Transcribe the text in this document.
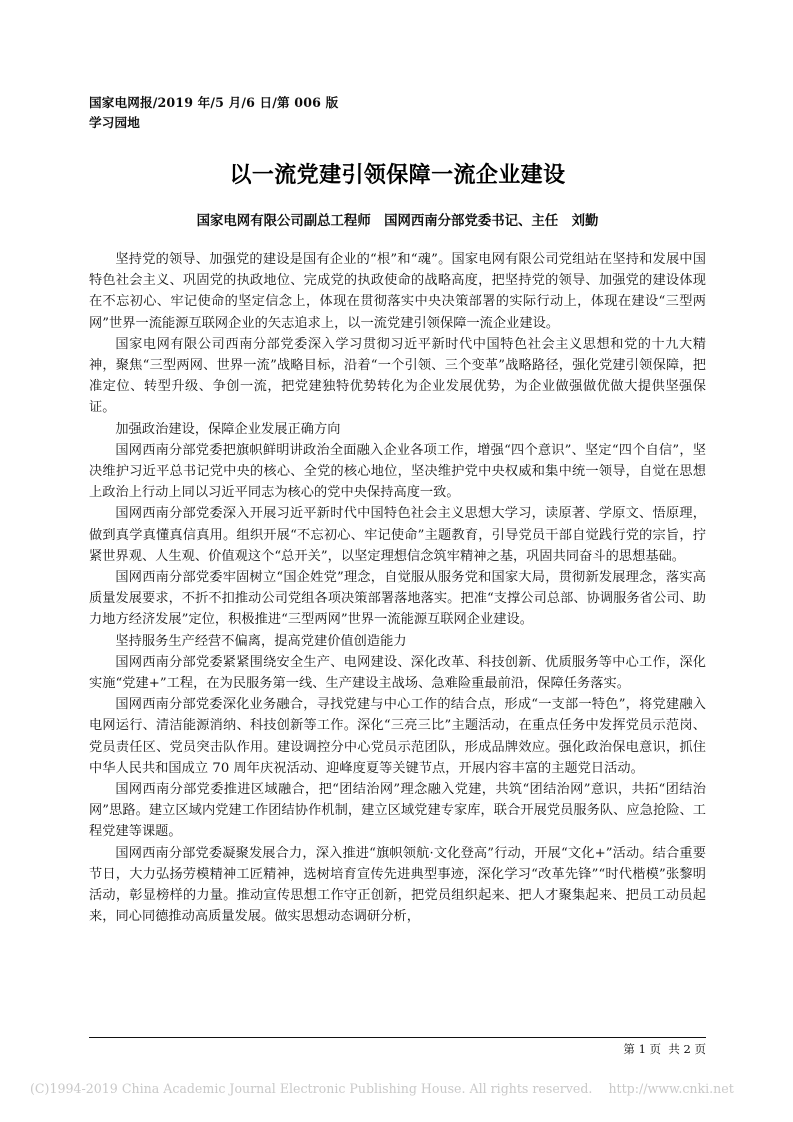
国家电网报/2019 年/5 月/6 日/第 006 版
学习园地
以一流党建引领保障一流企业建设
国家电网有限公司副总工程师　国网西南分部党委书记、主任　刘勤

坚持党的领导、加强党的建设是国有企业的“根”和“魂”。国家电网有限公司党组站在坚持和发展中国特色社会主义、巩固党的执政地位、完成党的执政使命的战略高度，把坚持党的领导、加强党的建设体现在不忘初心、牢记使命的坚定信念上，体现在贯彻落实中央决策部署的实际行动上，体现在建设“三型两网”世界一流能源互联网企业的矢志追求上，以一流党建引领保障一流企业建设。

国家电网有限公司西南分部党委深入学习贯彻习近平新时代中国特色社会主义思想和党的十九大精神，聚焦“三型两网、世界一流”战略目标，沿着“一个引领、三个变革”战略路径，强化党建引领保障，把准定位、转型升级、争创一流，把党建独特优势转化为企业发展优势，为企业做强做优做大提供坚强保证。

加强政治建设，保障企业发展正确方向

国网西南分部党委把旗帜鲜明讲政治全面融入企业各项工作，增强“四个意识”、坚定“四个自信”，坚决维护习近平总书记党中央的核心、全党的核心地位，坚决维护党中央权威和集中统一领导，自觉在思想上政治上行动上同以习近平同志为核心的党中央保持高度一致。

国网西南分部党委深入开展习近平新时代中国特色社会主义思想大学习，读原著、学原文、悟原理，做到真学真懂真信真用。组织开展“不忘初心、牢记使命”主题教育，引导党员干部自觉践行党的宗旨，拧紧世界观、人生观、价值观这个“总开关”，以坚定理想信念筑牢精神之基，巩固共同奋斗的思想基础。

国网西南分部党委牢固树立“国企姓党”理念，自觉服从服务党和国家大局，贯彻新发展理念，落实高质量发展要求，不折不扣推动公司党组各项决策部署落地落实。把准“支撑公司总部、协调服务省公司、助力地方经济发展”定位，积极推进“三型两网”世界一流能源互联网企业建设。

坚持服务生产经营不偏离，提高党建价值创造能力

国网西南分部党委紧紧围绕安全生产、电网建设、深化改革、科技创新、优质服务等中心工作，深化实施“党建+”工程，在为民服务第一线、生产建设主战场、急难险重最前沿，保障任务落实。

国网西南分部党委深化业务融合，寻找党建与中心工作的结合点，形成“一支部一特色”，将党建融入电网运行、清洁能源消纳、科技创新等工作。深化“三亮三比”主题活动，在重点任务中发挥党员示范岗、党员责任区、党员突击队作用。建设调控分中心党员示范团队，形成品牌效应。强化政治保电意识，抓住中华人民共和国成立 70 周年庆祝活动、迎峰度夏等关键节点，开展内容丰富的主题党日活动。

国网西南分部党委推进区域融合，把“团结治网”理念融入党建，共筑“团结治网”意识，共拓“团结治网”思路。建立区域内党建工作团结协作机制，建立区域党建专家库，联合开展党员服务队、应急抢险、工程党建等课题。

国网西南分部党委凝聚发展合力，深入推进“旗帜领航·文化登高”行动，开展“文化+”活动。结合重要节日，大力弘扬劳模精神工匠精神，选树培育宣传先进典型事迹，深化学习“改革先锋”“时代楷模”张黎明活动，彰显榜样的力量。推动宣传思想工作守正创新，把党员组织起来、把人才聚集起来、把员工动员起来，同心同德推动高质量发展。做实思想动态调研分析，

第 1 页  共 2 页
(C)1994-2019 China Academic Journal Electronic Publishing House. All rights reserved.    http://www.cnki.net
